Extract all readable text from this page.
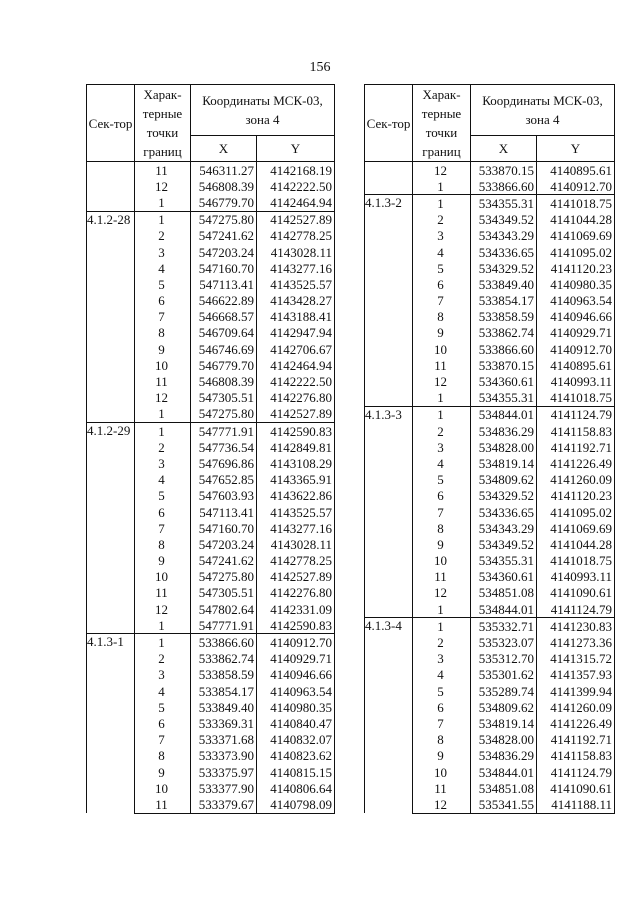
156
Сек-тор	Харак-терные точки границ	Координаты МСК-03, зона 4	
		X	Y
	11	546311.27	4142168.19
	12	546808.39	4142222.50
	1	546779.70	4142464.94
4.1.2-28	1	547275.80	4142527.89
	2	547241.62	4142778.25
	3	547203.24	4143028.11
	4	547160.70	4143277.16
	5	547113.41	4143525.57
	6	546622.89	4143428.27
	7	546668.57	4143188.41
	8	546709.64	4142947.94
	9	546746.69	4142706.67
	10	546779.70	4142464.94
	11	546808.39	4142222.50
	12	547305.51	4142276.80
	1	547275.80	4142527.89
4.1.2-29	1	547771.91	4142590.83
	2	547736.54	4142849.81
	3	547696.86	4143108.29
	4	547652.85	4143365.91
	5	547603.93	4143622.86
	6	547113.41	4143525.57
	7	547160.70	4143277.16
	8	547203.24	4143028.11
	9	547241.62	4142778.25
	10	547275.80	4142527.89
	11	547305.51	4142276.80
	12	547802.64	4142331.09
	1	547771.91	4142590.83
4.1.3-1	1	533866.60	4140912.70
	2	533862.74	4140929.71
	3	533858.59	4140946.66
	4	533854.17	4140963.54
	5	533849.40	4140980.35
	6	533369.31	4140840.47
	7	533371.68	4140832.07
	8	533373.90	4140823.62
	9	533375.97	4140815.15
	10	533377.90	4140806.64
	11	533379.67	4140798.09
Сек-тор	Харак-терные точки границ	Координаты МСК-03, зона 4	
		X	Y
	12	533870.15	4140895.61
	1	533866.60	4140912.70
4.1.3-2	1	534355.31	4141018.75
	2	534349.52	4141044.28
	3	534343.29	4141069.69
	4	534336.65	4141095.02
	5	534329.52	4141120.23
	6	533849.40	4140980.35
	7	533854.17	4140963.54
	8	533858.59	4140946.66
	9	533862.74	4140929.71
	10	533866.60	4140912.70
	11	533870.15	4140895.61
	12	534360.61	4140993.11
	1	534355.31	4141018.75
4.1.3-3	1	534844.01	4141124.79
	2	534836.29	4141158.83
	3	534828.00	4141192.71
	4	534819.14	4141226.49
	5	534809.62	4141260.09
	6	534329.52	4141120.23
	7	534336.65	4141095.02
	8	534343.29	4141069.69
	9	534349.52	4141044.28
	10	534355.31	4141018.75
	11	534360.61	4140993.11
	12	534851.08	4141090.61
	1	534844.01	4141124.79
4.1.3-4	1	535332.71	4141230.83
	2	535323.07	4141273.36
	3	535312.70	4141315.72
	4	535301.62	4141357.93
	5	535289.74	4141399.94
	6	534809.62	4141260.09
	7	534819.14	4141226.49
	8	534828.00	4141192.71
	9	534836.29	4141158.83
	10	534844.01	4141124.79
	11	534851.08	4141090.61
	12	535341.55	4141188.11
